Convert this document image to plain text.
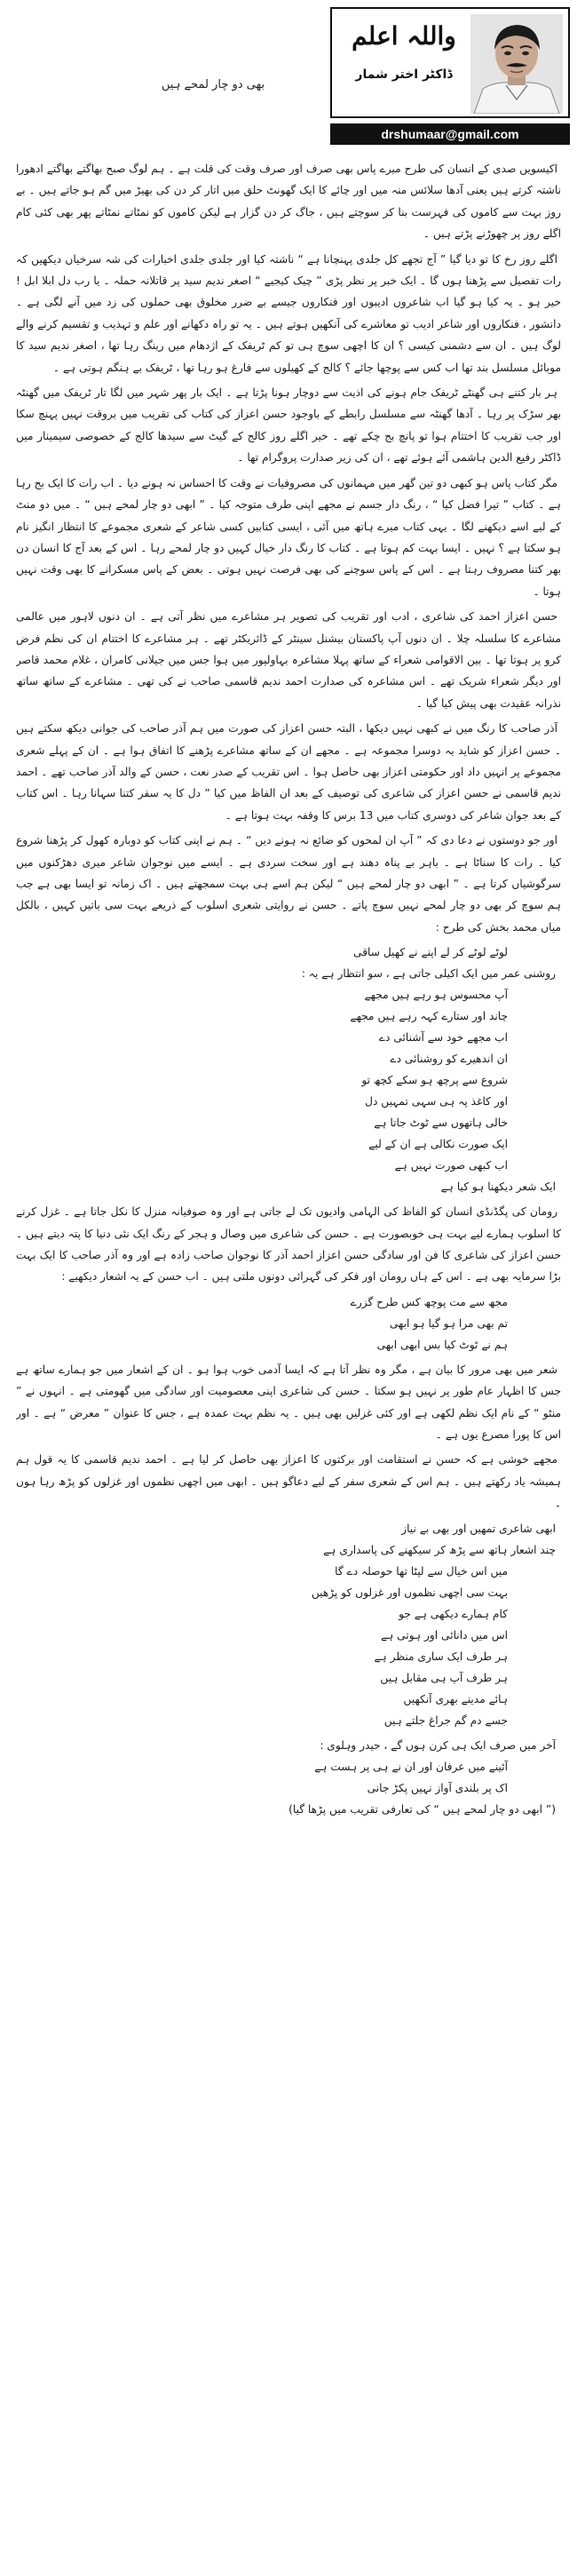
بھی دو چار لمحے ہیں
واللہ اعلم
ڈاکٹر اختر شمار
drshumaar@gmail.com

اکیسویں صدی کے انسان کی طرح میرے پاس بھی صرف اور صرف وقت کی قلت ہے ۔ ہم لوگ صبح بھاگتے بھاگتے ادھورا ناشتہ کرتے ہیں یعنی آدھا سلائس منہ میں اور چائے کا ایک گھونٹ حلق میں اتار کر دن کی بھیڑ میں گم ہو جاتے ہیں ۔ بے روز بہت سے کاموں کی فہرست بنا کر سوچتے ہیں ، جاگ کر دن گزار ہے لیکن کاموں کو نمٹاتے نمٹاتے پھر بھی کئی کام اگلے روز پر چھوڑنے پڑتے ہیں ۔

اگلے روز رخ کا تو دیا گیا ” آج تجھے کل جلدی پہنچانا ہے “ ناشتہ کیا اور جلدی جلدی اخبارات کی شہ سرخیاں دیکھیں کہ رات تفصیل سے پڑھنا ہوں گا ۔ ایک خبر پر نظر پڑی ” چیک کیجیے “ اصغر ندیم سید پر قاتلانہ حملہ ۔ یا رب دل ابلا ابل ! خیر ہو ۔ یہ کیا ہو گیا اب شاعروں ادیبوں اور فنکاروں جیسے بے ضرر مخلوق بھی حملوں کی زد میں آنے لگی ہے ۔ دانشور ، فنکاروں اور شاعر ادیب تو معاشرے کی آنکھیں ہوتے ہیں ۔ یہ تو راہ دکھانے اور علم و تہذیب و تقسیم کرنے والے لوگ ہیں ۔ ان سے دشمنی کیسی ؟ ان کا اچھی سوچ ہی تو کم ٹریفک کے اژدھام میں رینگ رہا تھا ، اصغر ندیم سید کا موبائل مسلسل بند تھا اب کس سے پوچھا جائے ؟ کالج کے کھیلوں سے فارغ ہو رہا تھا ، ٹریفک بے ہنگم ہوتی ہے ۔

ہر بار کتنے ہی گھنٹے ٹریفک جام ہونے کی اذیت سے دوچار ہونا پڑتا ہے ۔ ایک بار پھر شہر میں لگا تار ٹریفک میں گھنٹہ بھر سڑک پر رہا ۔ آدھا گھنٹہ سے مسلسل رابطے کے باوجود حسن اعزاز کی کتاب کی تقریب میں بروقت نہیں پہنچ سکا اور جب تقریب کا اختتام ہوا تو پانچ بج چکے تھے ۔ خیر اگلے روز کالج کے گیٹ سے سیدھا کالج کے خصوصی سیمینار میں ڈاکٹر رفیع الدین ہاشمی آئے ہوئے تھے ، ان کی زیر صدارت پروگرام تھا ۔

مگر کتاب پاس ہو کبھی دو تین گھر میں مہمانوں کی مصروفیات نے وقت کا احساس نہ ہونے دیا ۔ اب رات کا ایک بج رہا ہے ۔ کتاب ” تیرا فضل کیا “ ، رنگ دار جسم نے مجھے اپنی طرف متوجہ کیا ۔ ” ابھی دو چار لمحے ہیں “ ۔ میں دو منٹ کے لیے اسے دیکھنے لگا ۔ یہی کتاب میرے ہاتھ میں آئی ، ایسی کتابیں کسی شاعر کے شعری مجموعے کا انتظار انگیز نام ہو سکتا ہے ؟ نہیں ۔ ایسا بہت کم ہوتا ہے ۔ کتاب کا رنگ دار خیال کہیں دو چار لمحے رہا ۔ اس کے بعد آج کا انسان دن بھر کتنا مصروف رہتا ہے ۔ اس کے پاس سوچنے کی بھی فرصت نہیں ہوتی ۔ بعض کے پاس مسکرانے کا بھی وقت نہیں ہوتا ۔

حسن اعزاز احمد کی شاعری ، ادب اور تقریب کی تصویر ہر مشاعرے میں نظر آتی ہے ۔ ان دنوں لاہور میں عالمی مشاعرے کا سلسلہ چلا ۔ ان دنوں آپ پاکستان بیشنل سینٹر کے ڈائریکٹر تھے ۔ ہر مشاعرے کا اختتام ان کی نظم فرض کرو پر ہوتا تھا ۔ بین الاقوامی شعراء کے ساتھ پہلا مشاعرہ بہاولپور میں ہوا جس میں جیلانی کامران ، غلام محمد قاصر اور دیگر شعراء شریک تھے ۔ اس مشاعرہ کی صدارت احمد ندیم قاسمی صاحب نے کی تھی ۔ مشاعرے کے ساتھ ساتھ نذرانہ عقیدت بھی پیش کیا گیا ۔

آذر صاحب کا رنگ میں نے کبھی نہیں دیکھا ، البتہ حسن اعزاز کی صورت میں ہم آذر صاحب کی جوانی دیکھ سکتے ہیں ۔ حسن اعزاز کو شاید یہ دوسرا مجموعہ ہے ۔ مجھے ان کے ساتھ مشاعرے پڑھنے کا اتفاق ہوا ہے ۔ ان کے پہلے شعری مجموعے پر انہیں داد اور حکومتی اعزاز بھی حاصل ہوا ۔ اس تقریب کے صدر نعت ، حسن کے والد آذر صاحب تھے ۔ احمد ندیم قاسمی نے حسن اعزاز کی شاعری کی توصیف کے بعد ان الفاظ میں کیا ” دل کا یہ سفر کتنا سہانا رہا ۔ اس کتاب کے بعد جوان شاعر کی دوسری کتاب میں 13 برس کا وقفہ بہت ہوتا ہے ۔

اور جو دوستوں نے دعا دی کہ ” آپ ان لمحوں کو ضائع نہ ہونے دیں “ ۔ ہم نے اپنی کتاب کو دوبارہ کھول کر پڑھنا شروع کیا ۔ رات کا سناٹا ہے ۔ باہر بے پناہ دھند ہے اور سخت سردی ہے ۔ ایسے میں نوجوان شاعر میری دھڑکنوں میں سرگوشیاں کرتا ہے ۔ ” ابھی دو چار لمحے ہیں “ لیکن ہم اسے ہی بہت سمجھتے ہیں ۔ اک زمانہ تو ایسا بھی ہے جب ہم سوچ کر بھی دو چار لمحے نہیں سوچ پاتے ۔ حسن نے روایتی شعری اسلوب کے ذریعے بہت سی باتیں کہیں ، بالکل میاں محمد بخش کی طرح :

لوٹے لوٹے کر لے اپنے نے کھیل ساقی
روشنی عمر میں ایک اکیلی جاتی ہے ، سو انتظار ہے یہ :
آپ محسوس ہو رہے ہیں مجھے
چاند اور ستارے کہہ رہے ہیں مجھے
اب مجھے خود سے آشنائی دے
ان اندھیرے کو روشنائی دے
شروع سے پرچھ ہو سکے کچھ تو
اور کاغذ پہ ہی سہی تمہیں دل
خالی ہاتھوں سے ٹوٹ جاتا ہے
ایک صورت نکالی ہے ان کے لیے
اب کبھی صورت نہیں ہے
ایک شعر دیکھنا ہو کیا ہے

رومان کی پگڈنڈی انسان کو الفاظ کی الہامی وادیوں تک لے جاتی ہے اور وہ صوفیانہ منزل کا نکل جاتا ہے ۔ غزل کرنے کا اسلوب ہمارے لیے بہت ہی خوبصورت ہے ۔ حسن کی شاعری میں وصال و ہجر کے رنگ ایک نئی دنیا کا پتہ دیتے ہیں ۔ حسن اعزاز کی شاعری کا فن اور سادگی حسن اعزاز احمد آذر کا نوجوان صاحب زادہ ہے اور وہ آذر صاحب کا ایک بہت بڑا سرمایہ بھی ہے ۔ اس کے ہاں رومان اور فکر کی گہرائی دونوں ملتی ہیں ۔ اب حسن کے یہ اشعار دیکھیے :

مجھ سے مت پوچھ کس طرح گزرے
تم بھی مرا ہو گیا ہو ابھی
ہم نے ٹوٹ کیا بس ابھی ابھی

شعر میں بھی مرور کا بیان ہے ، مگر وہ نظر آتا ہے کہ ایسا آدمی خوب ہوا ہو ۔ ان کے اشعار میں جو ہمارے ساتھ ہے جس کا اظہار عام طور پر نہیں ہو سکتا ۔ حسن کی شاعری اپنی معصومیت اور سادگی میں گھومتی ہے ۔ انہوں نے ” منٹو “ کے نام ایک نظم لکھی ہے اور کئی غزلیں بھی ہیں ۔ یہ نظم بہت عمدہ ہے ، جس کا عنوان ” معرض “ ہے ۔ اور اس کا پورا مصرع یوں ہے ۔

مجھے خوشی ہے کہ حسن نے استقامت اور برکتوں کا اعزاز بھی حاصل کر لیا ہے ۔ احمد ندیم قاسمی کا یہ قول ہم ہمیشہ یاد رکھتے ہیں ۔ ہم اس کے شعری سفر کے لیے دعاگو ہیں ۔ ابھی میں اچھی نظموں اور غزلوں کو پڑھ رہا ہوں ۔

ابھی شاعری تمھیں اور بھی بے نیاز
چند اشعار ہاتھ سے پڑھ کر سیکھنے کی پاسداری ہے
میں اس خیال سے لپٹا تھا حوصلہ دے گا
بہت سی اچھی نظموں اور غزلوں کو پڑھیں
کام ہمارے دیکھی ہے جو
اس میں دانائی اور ہوتی ہے
ہر طرف ایک ساری منظر ہے
ہر طرف آپ ہی مقابل ہیں
ہائے مدینے بھری آنکھیں
جسے دم گم جراغ جلتے ہیں
آخر میں صرف ایک ہی کرن ہوں گے ، حیدر وہلوی :
آئینے میں عرفان اور ان نے ہی پر ہست ہے
اک پر بلندی آواز نہیں پکڑ جانی
(” ابھی دو چار لمحے ہیں “ کی تعارفی تقریب میں پڑھا گیا)
